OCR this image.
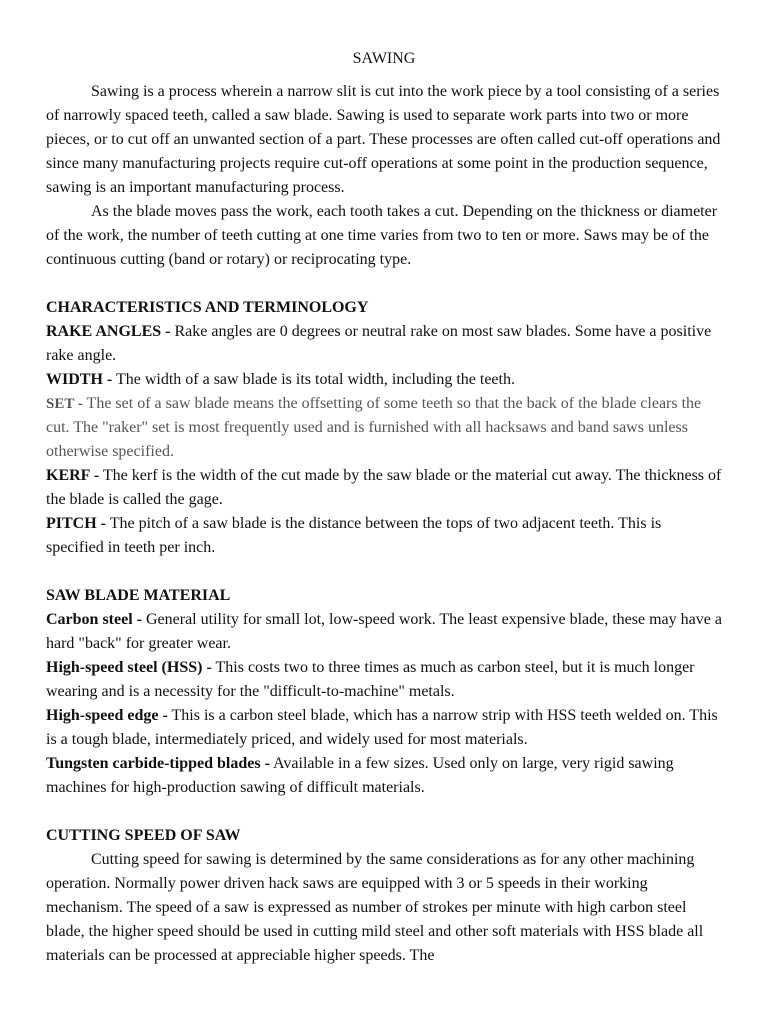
SAWING

Sawing is a process wherein a narrow slit is cut into the work piece by a tool consisting of a series of narrowly spaced teeth, called a saw blade. Sawing is used to separate work parts into two or more pieces, or to cut off an unwanted section of a part. These processes are often called cut-off operations and since many manufacturing projects require cut-off operations at some point in the production sequence, sawing is an important manufacturing process.

As the blade moves pass the work, each tooth takes a cut. Depending on the thickness or diameter of the work, the number of teeth cutting at one time varies from two to ten or more. Saws may be of the continuous cutting (band or rotary) or reciprocating type.

CHARACTERISTICS AND TERMINOLOGY

RAKE ANGLES - Rake angles are 0 degrees or neutral rake on most saw blades. Some have a positive rake angle.

WIDTH - The width of a saw blade is its total width, including the teeth.

SET - The set of a saw blade means the offsetting of some teeth so that the back of the blade clears the cut. The "raker" set is most frequently used and is furnished with all hacksaws and band saws unless otherwise specified.

KERF - The kerf is the width of the cut made by the saw blade or the material cut away. The thickness of the blade is called the gage.

PITCH - The pitch of a saw blade is the distance between the tops of two adjacent teeth. This is specified in teeth per inch.

SAW BLADE MATERIAL

Carbon steel - General utility for small lot, low-speed work. The least expensive blade, these may have a hard "back" for greater wear.

High-speed steel (HSS) - This costs two to three times as much as carbon steel, but it is much longer wearing and is a necessity for the "difficult-to-machine" metals.

High-speed edge - This is a carbon steel blade, which has a narrow strip with HSS teeth welded on. This is a tough blade, intermediately priced, and widely used for most materials.

Tungsten carbide-tipped blades - Available in a few sizes. Used only on large, very rigid sawing machines for high-production sawing of difficult materials.

CUTTING SPEED OF SAW

Cutting speed for sawing is determined by the same considerations as for any other machining operation. Normally power driven hack saws are equipped with 3 or 5 speeds in their working mechanism. The speed of a saw is expressed as number of strokes per minute with high carbon steel blade, the higher speed should be used in cutting mild steel and other soft materials with HSS blade all materials can be processed at appreciable higher speeds. The
